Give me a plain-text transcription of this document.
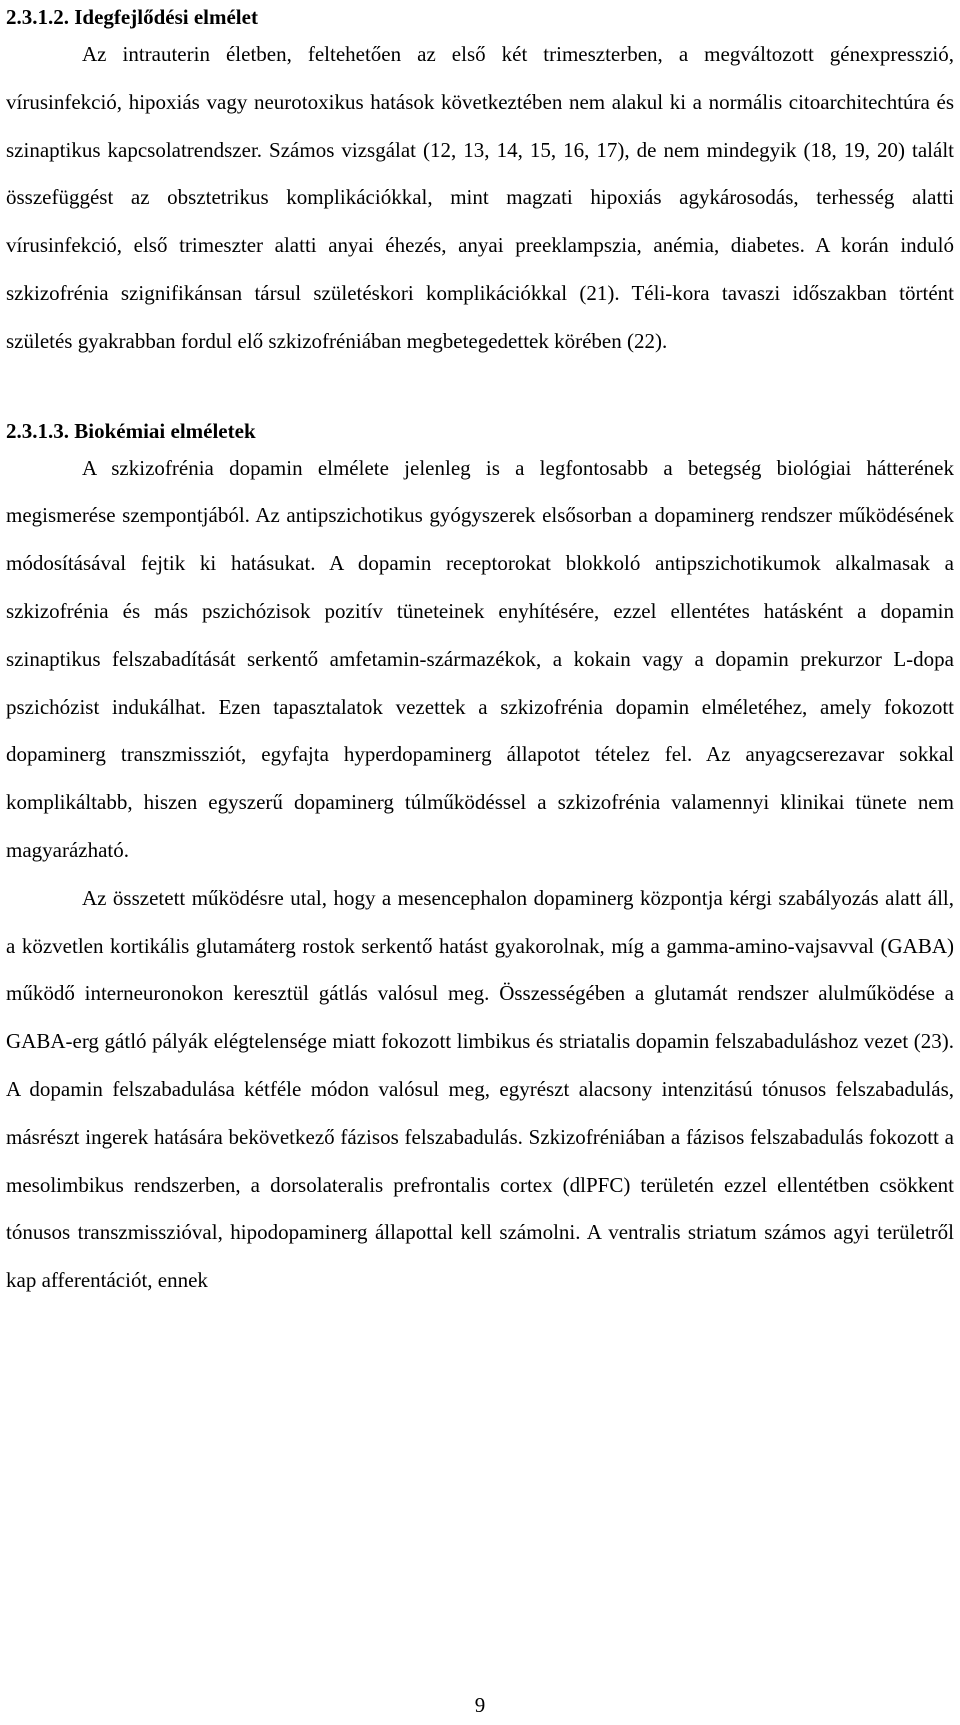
2.3.1.2. Idegfejlődési elmélet

Az intrauterin életben, feltehetően az első két trimeszterben, a megváltozott génexpresszió, vírusinfekció, hipoxiás vagy neurotoxikus hatások következtében nem alakul ki a normális citoarchitechtúra és szinaptikus kapcsolatrendszer. Számos vizsgálat (12, 13, 14, 15, 16, 17), de nem mindegyik (18, 19, 20) talált összefüggést az obsztetrikus komplikációkkal, mint magzati hipoxiás agykárosodás, terhesség alatti vírusinfekció, első trimeszter alatti anyai éhezés, anyai preeklampszia, anémia, diabetes. A korán induló szkizofrénia szignifikánsan társul születéskori komplikációkkal (21). Téli-kora tavaszi időszakban történt születés gyakrabban fordul elő szkizofréniában megbetegedettek körében (22).

2.3.1.3. Biokémiai elméletek

A szkizofrénia dopamin elmélete jelenleg is a legfontosabb a betegség biológiai hátterének megismerése szempontjából. Az antipszichotikus gyógyszerek elsősorban a dopaminerg rendszer működésének módosításával fejtik ki hatásukat. A dopamin receptorokat blokkoló antipszichotikumok alkalmasak a szkizofrénia és más pszichózisok pozitív tüneteinek enyhítésére, ezzel ellentétes hatásként a dopamin szinaptikus felszabadítását serkentő amfetamin-származékok, a kokain vagy a dopamin prekurzor L-dopa pszichózist indukálhat. Ezen tapasztalatok vezettek a szkizofrénia dopamin elméletéhez, amely fokozott dopaminerg transzmissziót, egyfajta hyperdopaminerg állapotot tételez fel. Az anyagcserezavar sokkal komplikáltabb, hiszen egyszerű dopaminerg túlműködéssel a szkizofrénia valamennyi klinikai tünete nem magyarázható.

Az összetett működésre utal, hogy a mesencephalon dopaminerg központja kérgi szabályozás alatt áll, a közvetlen kortikális glutamáterg rostok serkentő hatást gyakorolnak, míg a gamma-amino-vajsavval (GABA) működő interneuronokon keresztül gátlás valósul meg. Összességében a glutamát rendszer alulműködése a GABA-erg gátló pályák elégtelensége miatt fokozott limbikus és striatalis dopamin felszabaduláshoz vezet (23). A dopamin felszabadulása kétféle módon valósul meg, egyrészt alacsony intenzitású tónusos felszabadulás, másrészt ingerek hatására bekövetkező fázisos felszabadulás. Szkizofréniában a fázisos felszabadulás fokozott a mesolimbikus rendszerben, a dorsolateralis prefrontalis cortex (dlPFC) területén ezzel ellentétben csökkent tónusos transzmisszióval, hipodopaminerg állapottal kell számolni. A ventralis striatum számos agyi területről kap afferentációt, ennek

9
